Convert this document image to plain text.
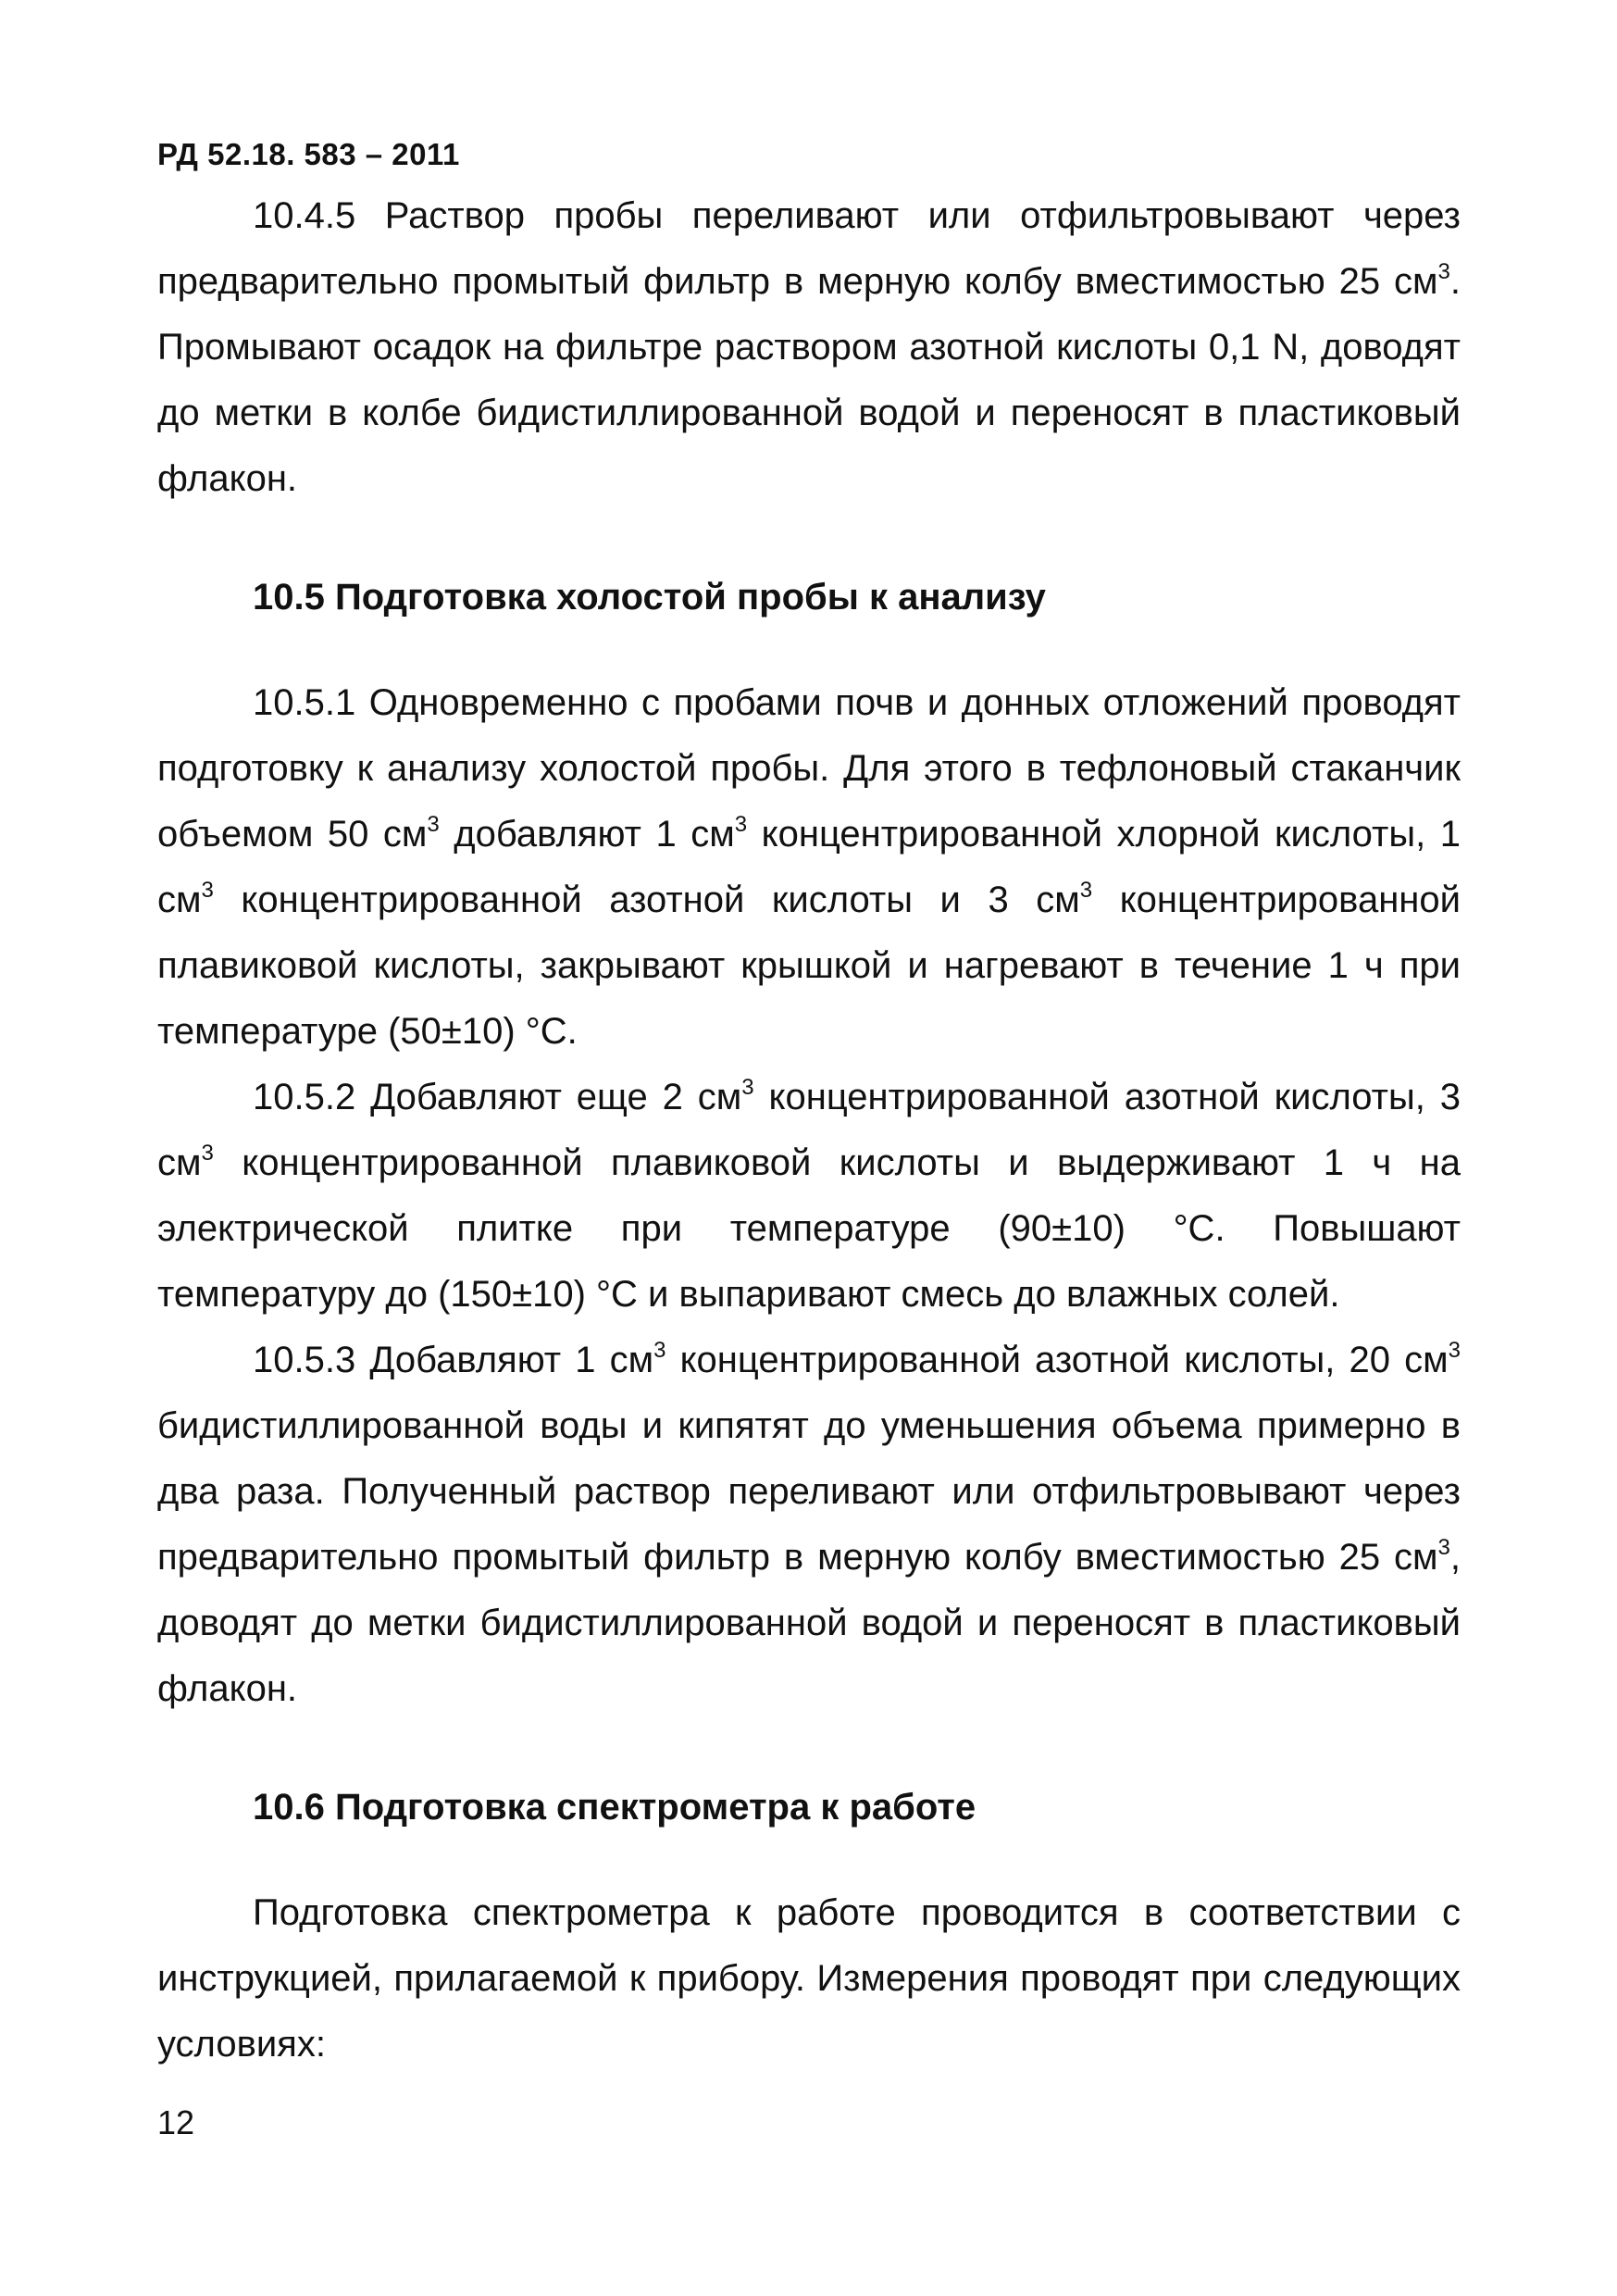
РД 52.18. 583 – 2011

10.4.5 Раствор пробы переливают или отфильтровывают через предварительно промытый фильтр в мерную колбу вместимостью 25 $см^3$. Промывают осадок на фильтре раствором азотной кислоты 0,1 N, доводят до метки в колбе бидистиллированной водой и переносят в пластиковый флакон.

10.5 Подготовка холостой пробы к анализу

10.5.1 Одновременно с пробами почв и донных отложений проводят подготовку к анализу холостой пробы. Для этого в тефлоновый стаканчик объемом 50 $см^3$ добавляют 1 $см^3$ концентрированной хлорной кислоты, 1 $см^3$ концентрированной азотной кислоты и 3 $см^3$ концентрированной плавиковой кислоты, закрывают крышкой и нагревают в течение 1 ч при температуре (50±10) °С.

10.5.2 Добавляют еще 2 $см^3$ концентрированной азотной кислоты, 3 $см^3$ концентрированной плавиковой кислоты и выдерживают 1 ч на электрической плитке при температуре (90±10) °С. Повышают температуру до (150±10) °С и выпаривают смесь до влажных солей.

10.5.3 Добавляют 1 $см^3$ концентрированной азотной кислоты, 20 $см^3$ бидистиллированной воды и кипятят до уменьшения объема примерно в два раза. Полученный раствор переливают или отфильтровывают через предварительно промытый фильтр в мерную колбу вместимостью 25 $см^3$, доводят до метки бидистиллированной водой и переносят в пластиковый флакон.

10.6 Подготовка спектрометра к работе

Подготовка спектрометра к работе проводится в соответствии с инструкцией, прилагаемой к прибору. Измерения проводят при следующих условиях:

12
